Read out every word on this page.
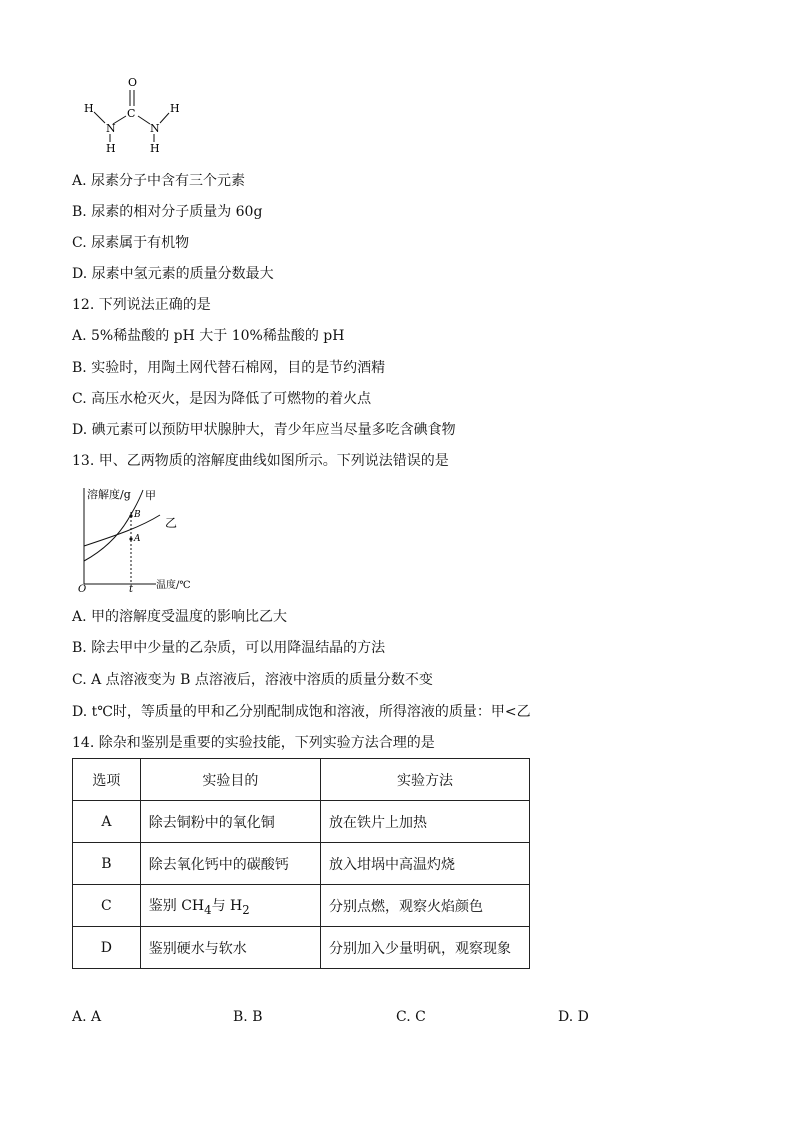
O
C
N	N
H
H
H
H
A. 尿素分子中含有三个元素
B. 尿素的相对分子质量为 60g
C. 尿素属于有机物
D. 尿素中氢元素的质量分数最大
12. 下列说法正确的是
A. 5%稀盐酸的 pH 大于 10%稀盐酸的 pH
B. 实验时，用陶土网代替石棉网，目的是节约酒精
C. 高压水枪灭火，是因为降低了可燃物的着火点
D. 碘元素可以预防甲状腺肿大，青少年应当尽量多吃含碘食物
13. 甲、乙两物质的溶解度曲线如图所示。下列说法错误的是
溶解度/g 甲
乙
B
A
O	t 温度/℃
A. 甲的溶解度受温度的影响比乙大
B. 除去甲中少量的乙杂质，可以用降温结晶的方法
C. A 点溶液变为 B 点溶液后，溶液中溶质的质量分数不变
D. t℃时，等质量的甲和乙分别配制成饱和溶液，所得溶液的质量：甲<乙
14. 除杂和鉴别是重要的实验技能，下列实验方法合理的是
选项	实验目的	实验方法
A	除去铜粉中的氧化铜	放在铁片上加热
B	除去氧化钙中的碳酸钙	放入坩埚中高温灼烧
C	鉴别 $CH_4$与 $H_2$	分别点燃，观察火焰颜色
D	鉴别硬水与软水	分别加入少量明矾，观察现象
A. A	B. B	C. C	D. D
